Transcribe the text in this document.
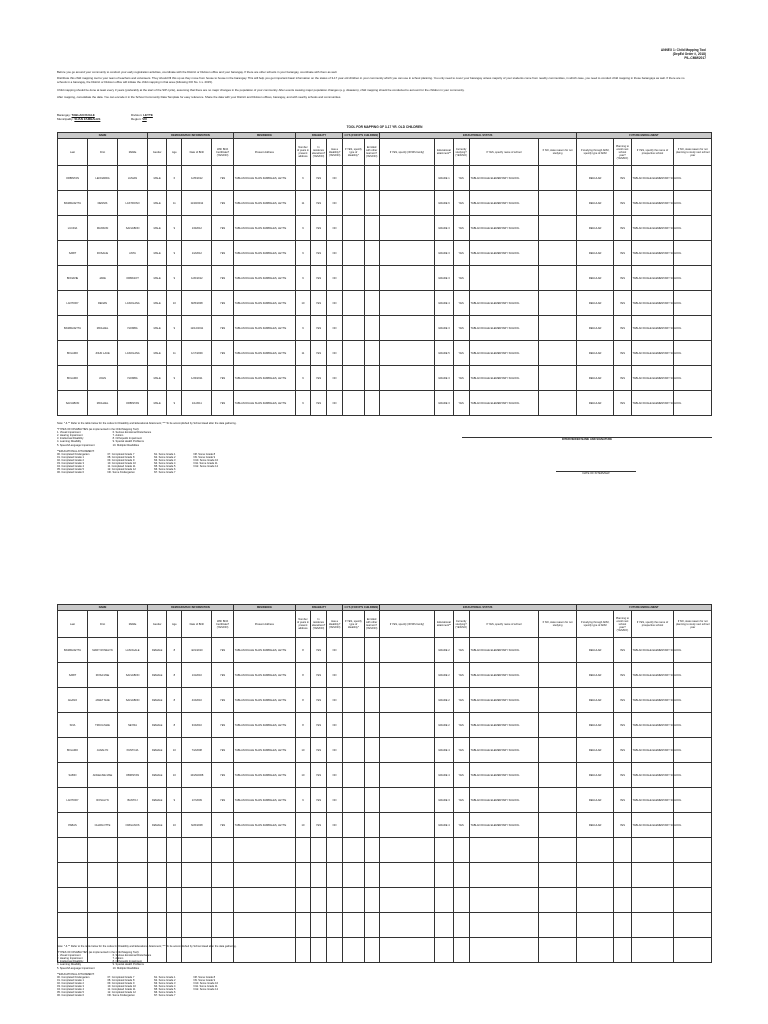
ANNEX 1: Child Mapping Tool
(DepEd Order #, 2018)
PIL-CMM/2017
Before you go around your community to conduct your early registration activities, coordinate with the District or Division office and your barangay. If there are other schools in your barangay, coordinate with them as well.
Distribute this child mapping tool to your team of teachers and volunteers. They should fill this up as they move from house to house in the barangay. This will help you get important basic information on the status of 3-17 year old children in your community which you can use in school planning. You only need to cover your barangay unless majority of your students come from nearby communities, in which case, you need to conduct child mapping in those barangays as well. If there are no schools in a barangay, the District or Division office will initiate the child mapping in that area (following DO No. 1 s. 2015).
Child mapping should be done at least every 3 years (preferably at the start of the SIP cycle), assuming that there are no major changes in the population of your community. After events causing major population changes (e.g. disasters), child mapping should be conducted to account for the children in your community.
After mapping, consolidate the data. You can encode it in the School Community Data Template for easy reference. Share the data with your District and Division offices, barangay, and with nearby schools and communities.
Barangay: TABLAN DUALE
Municipality: SUAN ZAMBALES
Division: LEYTE
Region: VIII
TOOL FOR MAPPING OF 3-17 YR. OLD CHILDREN
NAME			DEMOGRAPHIC INFORMATION				RESIDENCE	DISABILITY			4 C'S (FOR IP'S CHILDREN)		EDUCATIONAL STATUS					FUTURE ENROLLMENT			
Last	First	Middle	Gender	Age	Date of Birth	With Birth Certificate? (YES/NO)	Present Address	Number of years in present address	In residence elsewhere? (YES/NO)	Has a disability? (YES/NO)	If YES, specify type of disability*	Enrolled with other learners? (YES/NO)	If YES, specify (IP/4Ps family)	Educational attainment**	Currently studying? (YES/NO)	If YES, specify name of school	If NO, state reason for not studying	If studying through ADM, specify type of ADM	Planning to enroll next school year? (YES/NO)	If YES, specify the name of prospective school	If NO, state reason for not planning to study next school year
ORBISTAN	LEONARDA	LUMAN	MALE	6	1/25/2012	YES	TABLAN DUALE SUAN ZAMBALES, LEYTE	6	YES	NO				GRADE 1	YES	TABLAN DUALE ELEMENTARY SCHOOL		REGULAR	YES	TABLAN DUALE ELEMENTARY SCHOOL	
BASBACETTA	DENNIS	LASTROSO	MALE	11	11/18/2012	YES	TABLAN DUALE SUAN ZAMBALES, LEYTE	11	YES	NO				GRADE 6	YES	TABLAN DUALE ELEMENTARY SCHOOL		REGULAR	YES	TABLAN DUALE ELEMENTARY SCHOOL	
LUCINA	MANSON	SALVABON	MALE	9	1/9/2012	YES	TABLAN DUALE SUAN ZAMBALES, LEYTE	9	YES	NO				GRADE 3	YES	TABLAN DUALE ELEMENTARY SCHOOL		REGULAR	YES	TABLAN DUALE ELEMENTARY SCHOOL	
SABIT	ROSALIE	ANTA	MALE	9	1/2/2012	YES	TABLAN DUALE SUAN ZAMBALES, LEYTE	9	YES	NO				GRADE 3	YES	TABLAN DUALE ELEMENTARY SCHOOL		REGULAR	YES	TABLAN DUALE ELEMENTARY SCHOOL	
BONAVIE	JADE	ORBASOT	MALE	9	1/20/2012	YES	TABLAN DUALE SUAN ZAMBALES, LEYTE	9	YES	NO				GRADE 3	YES			REGULAR	YES	TABLAN DUALE ELEMENTARY SCHOOL	
LANTORY	RENAN	LASOGANA	MALE	10	8/25/2008	YES	TABLAN DUALE SUAN ZAMBALES, LEYTE	10	YES	NO				GRADE 4	YES	TABLAN DUALE ELEMENTARY SCHOOL		REGULAR	YES	TABLAN DUALE ELEMENTARY SCHOOL	
BASBACETTA	MICHAEL	ISOMBA	MALE	9	12/12/2011	YES	TABLAN DUALE SUAN ZAMBALES, LEYTE	9	YES	NO				GRADE 3	YES	TABLAN DUALE ELEMENTARY SCHOOL		REGULAR	YES	TABLAN DUALE ELEMENTARY SCHOOL	
BOLAMO	JOHN LACE	LASOGANA	MALE	11	1/17/2009	YES	TABLAN DUALE SUAN ZAMBALES, LEYTE	11	YES	NO				GRADE 5	YES	TABLAN DUALE ELEMENTARY SCHOOL		REGULAR	YES	TABLAN DUALE ELEMENTARY SCHOOL	
BOLAMO	JOHN	ISOMBA	MALE	9	1/20/2011	YES	TABLAN DUALE SUAN ZAMBALES, LEYTE	9	YES	NO				GRADE 3	YES	TABLAN DUALE ELEMENTARY SCHOOL		REGULAR	YES	TABLAN DUALE ELEMENTARY SCHOOL	
SALVABON	MICHAEL	ORBISTAN	MALE	9	1/1/2011	YES	TABLAN DUALE SUAN ZAMBALES, LEYTE	9	YES	NO				GRADE 3	YES	TABLAN DUALE ELEMENTARY SCHOOL		REGULAR	YES	TABLAN DUALE ELEMENTARY SCHOOL	
Note: * & ** Refer to the table below for the codes for Disability and Educational Attainment; *** To be accomplished by School Head after the data gathering.
*TYPES OF DISABILITIES (as implemented in the Child Mapping Tool):
1. Visual Impairment
2. Hearing Impairment
3. Intellectual Disability
4. Learning Disability
5. Speech/Language Impairment
6. Serious Emotional Disturbance
7. Autism
8. Orthopedic Impairment
9. Special Health Problems
10. Multiple Disabilities
**EDUCATIONAL ATTAINMENT:
00. Completed Kindergarten
01. Completed Grade 1
02. Completed Grade 2
03. Completed Grade 3
04. Completed Grade 4
05. Completed Grade 5
06. Completed Grade 6
07. Completed Grade 7
08. Completed Grade 8
09. Completed Grade 9
10. Completed Grade 10
11. Completed Grade 11
12. Completed Grade 12
NK. Some Kindergarten
N1. Some Grade 1
N2. Some Grade 2
N3. Some Grade 3
N4. Some Grade 4
N5. Some Grade 5
N6. Some Grade 6
N7. Some Grade 7
N8. Some Grade 8
N9. Some Grade 9
N10. Some Grade 10
N11. Some Grade 11
N12. Some Grade 12
INTERVIEWER NAME AND SIGNATURE
DATE OF INTERVIEW
NAME			DEMOGRAPHIC INFORMATION				RESIDENCE	DISABILITY			4 C'S (FOR IP'S CHILDREN)		EDUCATIONAL STATUS					FUTURE ENROLLMENT			
Last	First	Middle	Gender	Age	Date of Birth	With Birth Certificate? (YES/NO)	Present Address	Number of years in present address	In residence elsewhere? (YES/NO)	Has a disability? (YES/NO)	If YES, specify type of disability*	Enrolled with other learners? (YES/NO)	If YES, specify (IP/4Ps family)	Educational attainment**	Currently studying? (YES/NO)	If YES, specify name of school	If NO, state reason for not studying	If studying through ADM, specify type of ADM	Planning to enroll next school year? (YES/NO)	If YES, specify the name of prospective school	If NO, state reason for not planning to study next school year
BASBACETTA	MARY ROSELYN	LASOGALE	FEMALE	8	4/21/2010	YES	TABLAN DUALE SUAN ZAMBALES, LEYTE	8	YES	NO				GRADE 2	YES	TABLAN DUALE ELEMENTARY SCHOOL		REGULAR	YES	TABLAN DUALE ELEMENTARY SCHOOL	
SABIT	ROSA MAE	SALVABON	FEMALE	8	1/4/2010	YES	TABLAN DUALE SUAN ZAMBALES, LEYTE	8	YES	NO				GRADE 2	YES	TABLAN DUALE ELEMENTARY SCHOOL		REGULAR	YES	TABLAN DUALE ELEMENTARY SCHOOL	
AGANO	JANET MAE	SALVABON	FEMALE	8	4/3/2010	YES	TABLAN DUALE SUAN ZAMBALES, LEYTE	8	YES	NO				GRADE 2	YES	TABLAN DUALE ELEMENTARY SCHOOL		REGULAR	YES	TABLAN DUALE ELEMENTARY SCHOOL	
SIVA	TRICIA MAE	NEYRA	FEMALE	8	3/3/2010	YES	TABLAN DUALE SUAN ZAMBALES, LEYTE	8	YES	NO				GRADE 2	YES	TABLAN DUALE ELEMENTARY SCHOOL		REGULAR	YES	TABLAN DUALE ELEMENTARY SCHOOL	
BOLAMO	JANALYN	PANTOJA	FEMALE	10	7/2/2008	YES	TABLAN DUALE SUAN ZAMBALES, LEYTE	10	YES	NO				GRADE 4	YES	TABLAN DUALE ELEMENTARY SCHOOL		REGULAR	YES	TABLAN DUALE ELEMENTARY SCHOOL	
SABIO	ANGELINE MAE	OBRISTAN	FEMALE	10	10/29/2008	YES	TABLAN DUALE SUAN ZAMBALES, LEYTE	10	YES	NO				GRADE 4	YES	TABLAN DUALE ELEMENTARY SCHOOL		REGULAR	YES	TABLAN DUALE ELEMENTARY SCHOOL	
LANTORY	ROSALYN	BANTOJ	FEMALE	9	1/7/2009	YES	TABLAN DUALE SUAN ZAMBALES, LEYTE	9	YES	NO				GRADE 3	YES	TABLAN DUALE ELEMENTARY SCHOOL		REGULAR	YES	TABLAN DUALE ELEMENTARY SCHOOL	
PABAS	CHARLOTTE	ORIGANOS	FEMALE	10	6/26/2008	YES	TABLAN DUALE SUAN ZAMBALES, LEYTE	10	YES	NO				GRADE 4	YES	TABLAN DUALE ELEMENTARY SCHOOL		REGULAR	YES	TABLAN DUALE ELEMENTARY SCHOOL	

Note: * & ** Refer to the table below for the codes for Disability and Educational Attainment; *** To be accomplished by School Head after the data gathering.
*TYPES OF DISABILITIES (as implemented in the Child Mapping Tool):
1. Visual Impairment
2. Hearing Impairment
3. Intellectual Disability
4. Learning Disability
5. Speech/Language Impairment
6. Serious Emotional Disturbance
7. Autism
8. Orthopedic Impairment
9. Special Health Problems
10. Multiple Disabilities
**EDUCATIONAL ATTAINMENT:
00. Completed Kindergarten
01. Completed Grade 1
02. Completed Grade 2
03. Completed Grade 3
04. Completed Grade 4
05. Completed Grade 5
06. Completed Grade 6
07. Completed Grade 7
08. Completed Grade 8
09. Completed Grade 9
10. Completed Grade 10
11. Completed Grade 11
12. Completed Grade 12
NK. Some Kindergarten
N1. Some Grade 1
N2. Some Grade 2
N3. Some Grade 3
N4. Some Grade 4
N5. Some Grade 5
N6. Some Grade 6
N7. Some Grade 7
N8. Some Grade 8
N9. Some Grade 9
N10. Some Grade 10
N11. Some Grade 11
N12. Some Grade 12
